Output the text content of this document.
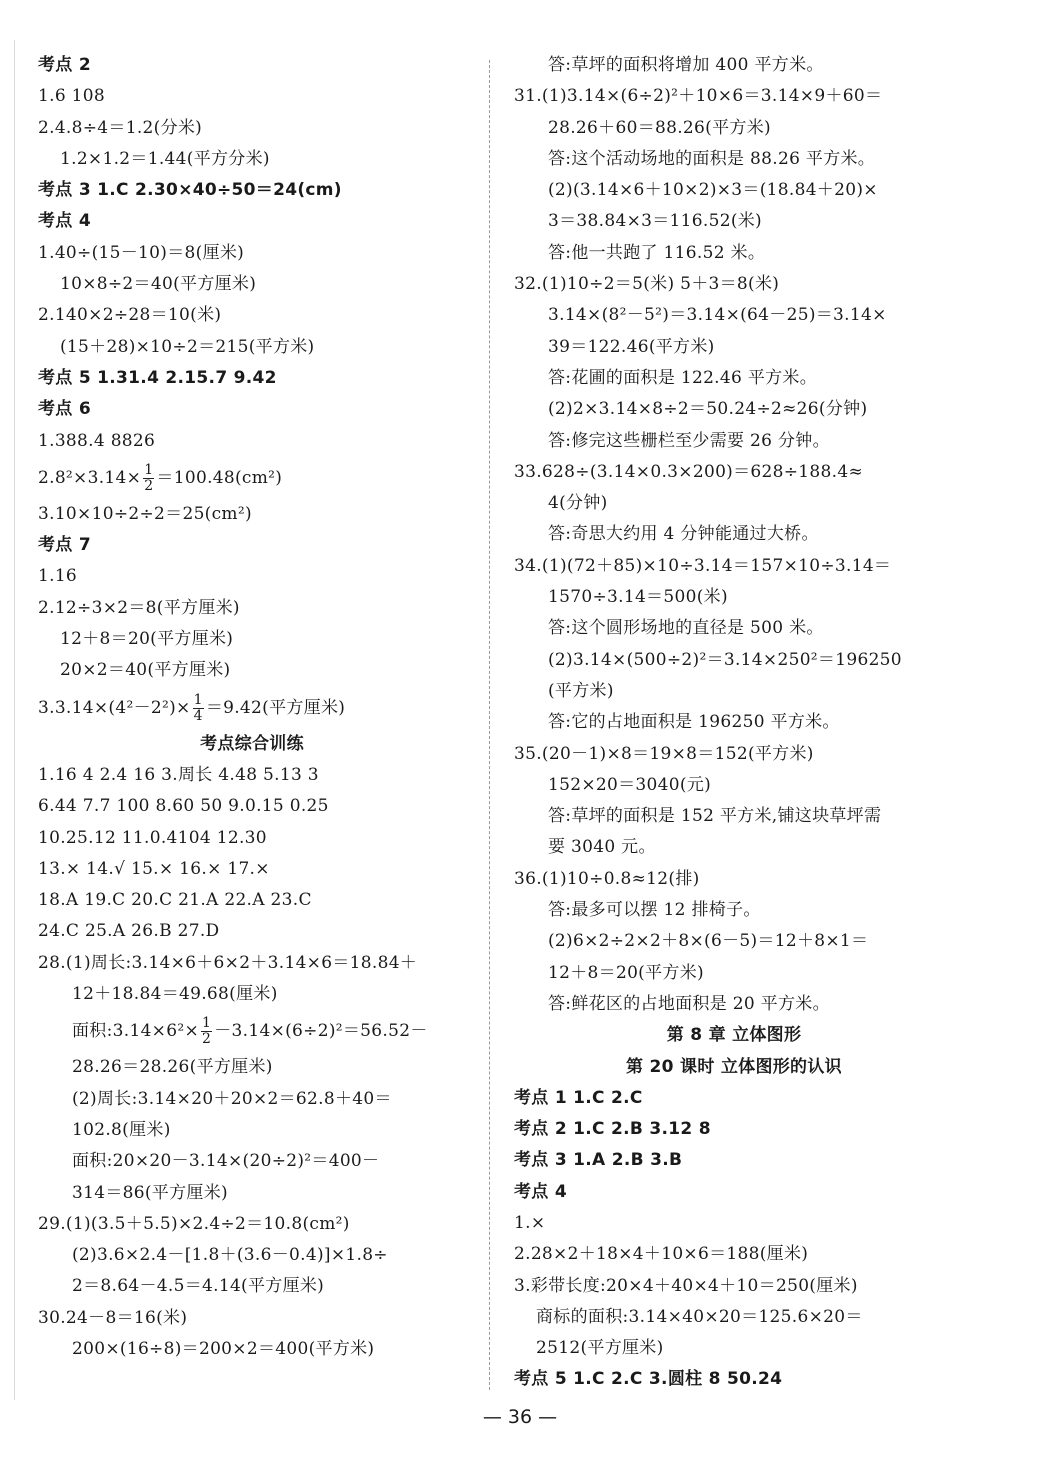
考点 2
1.6 108
2.4.8÷4＝1.2(分米)
1.2×1.2＝1.44(平方分米)
考点 3 1.C 2.30×40÷50＝24(cm)
考点 4
1.40÷(15－10)＝8(厘米)
10×8÷2＝40(平方厘米)
2.140×2÷28＝10(米)
(15＋28)×10÷2＝215(平方米)
考点 5 1.31.4 2.15.7 9.42
考点 6
1.388.4 8826
$2.8^2\times 3.14\times \frac{1}{2} =100.48(cm^2)$
3.10×10÷2÷2＝25(cm²)
考点 7
1.16
2.12÷3×2＝8(平方厘米)
12＋8＝20(平方厘米)
20×2＝40(平方厘米)
$3.3.14\times(4^2-2^2)\times \frac{1}{4} =9.42$(平方厘米)
考点综合训练
1.16 4 2.4 16 3.周长 4.48 5.13 3
6.44 7.7 100 8.60 50 9.0.15 0.25
10.25.12 11.0.4104 12.30
13.× 14.√ 15.× 16.× 17.×
18.A 19.C 20.C 21.A 22.A 23.C
24.C 25.A 26.B 27.D
28.(1)周长:3.14×6＋6×2＋3.14×6＝18.84＋
12＋18.84＝49.68(厘米)
面积:3.14×6²× $\frac{1}{2} -3.14\times(6\div 2)^2=56.52-$
28.26＝28.26(平方厘米)
(2)周长:3.14×20＋20×2＝62.8＋40＝
102.8(厘米)
面积:20×20－3.14×(20÷2)²＝400－
314＝86(平方厘米)
29.(1)(3.5＋5.5)×2.4÷2＝10.8(cm²)
(2)3.6×2.4－[1.8＋(3.6－0.4)]×1.8÷
2＝8.64－4.5＝4.14(平方厘米)
30.24－8＝16(米)
200×(16÷8)＝200×2＝400(平方米)
答:草坪的面积将增加 400 平方米。
31.(1)3.14×(6÷2)²＋10×6＝3.14×9＋60＝
28.26＋60＝88.26(平方米)
答:这个活动场地的面积是 88.26 平方米。
(2)(3.14×6＋10×2)×3＝(18.84＋20)×
3＝38.84×3＝116.52(米)
答:他一共跑了 116.52 米。
32.(1)10÷2＝5(米) 5＋3＝8(米)
3.14×(8²－5²)＝3.14×(64－25)＝3.14×
39＝122.46(平方米)
答:花圃的面积是 122.46 平方米。
(2)2×3.14×8÷2＝50.24÷2≈26(分钟)
答:修完这些栅栏至少需要 26 分钟。
33.628÷(3.14×0.3×200)＝628÷188.4≈
4(分钟)
答:奇思大约用 4 分钟能通过大桥。
34.(1)(72＋85)×10÷3.14＝157×10÷3.14＝
1570÷3.14＝500(米)
答:这个圆形场地的直径是 500 米。
(2)3.14×(500÷2)²＝3.14×250²＝196250
(平方米)
答:它的占地面积是 196250 平方米。
35.(20－1)×8＝19×8＝152(平方米)
152×20＝3040(元)
答:草坪的面积是 152 平方米,铺这块草坪需
要 3040 元。
36.(1)10÷0.8≈12(排)
答:最多可以摆 12 排椅子。
(2)6×2÷2×2＋8×(6－5)＝12＋8×1＝
12＋8＝20(平方米)
答:鲜花区的占地面积是 20 平方米。
第 8 章 立体图形
第 20 课时 立体图形的认识
考点 1 1.C 2.C
考点 2 1.C 2.B 3.12 8
考点 3 1.A 2.B 3.B
考点 4
1.×
2.28×2＋18×4＋10×6＝188(厘米)
3.彩带长度:20×4＋40×4＋10＝250(厘米)
商标的面积:3.14×40×20＝125.6×20＝
2512(平方厘米)
考点 5 1.C 2.C 3.圆柱 8 50.24
— 36 —
